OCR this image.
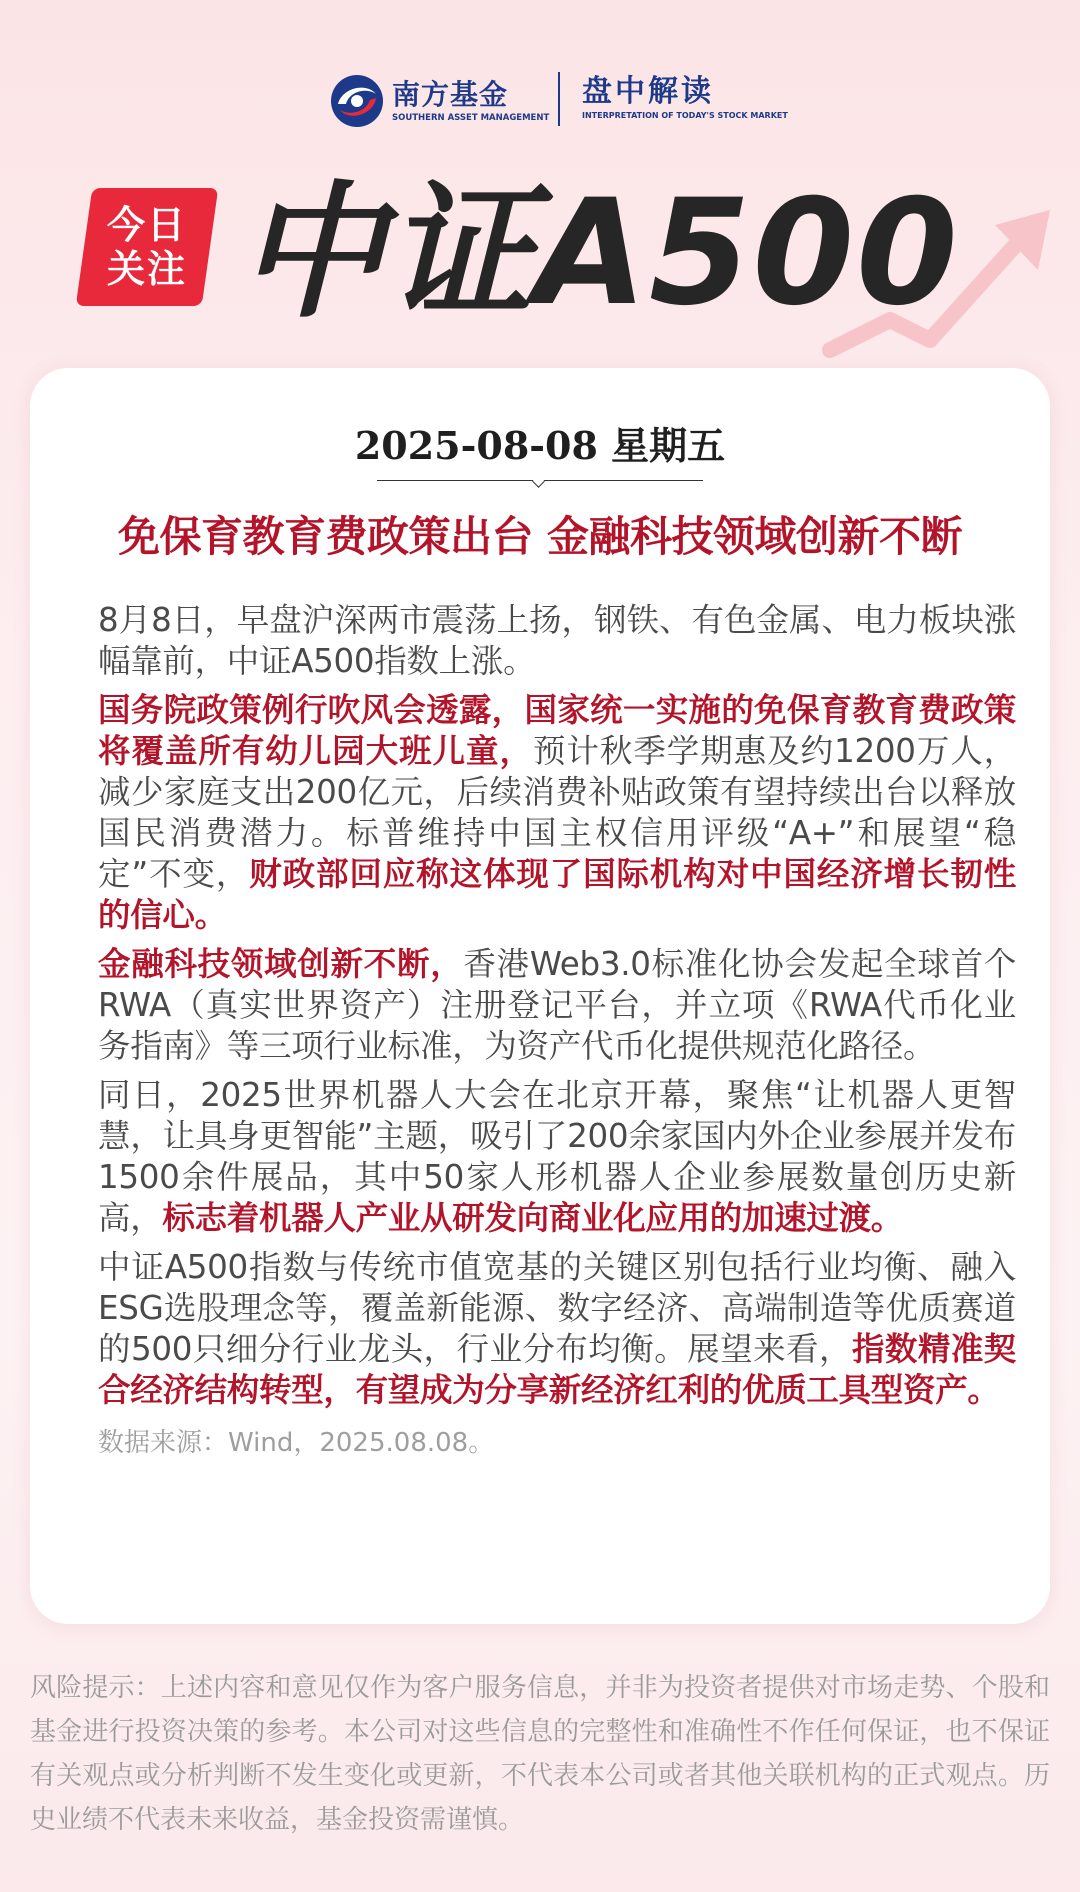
南方基金
SOUTHERN ASSET MANAGEMENT
盘中解读
INTERPRETATION OF TODAY'S STOCK MARKET
今日
关注 中证A500
2025-08-08 星期五
免保育教育费政策出台 金融科技领域创新不断

8月8日，早盘沪深两市震荡上扬，钢铁、有色金属、电力板块涨幅靠前，中证A500指数上涨。

国务院政策例行吹风会透露，国家统一实施的免保育教育费政策将覆盖所有幼儿园大班儿童，预计秋季学期惠及约1200万人，减少家庭支出200亿元，后续消费补贴政策有望持续出台以释放国民消费潜力。标普维持中国主权信用评级“A+”和展望“稳定”不变，财政部回应称这体现了国际机构对中国经济增长韧性的信心。

金融科技领域创新不断，香港Web3.0标准化协会发起全球首个RWA（真实世界资产）注册登记平台，并立项《RWA代币化业务指南》等三项行业标准，为资产代币化提供规范化路径。

同日，2025世界机器人大会在北京开幕，聚焦“让机器人更智慧，让具身更智能”主题，吸引了200余家国内外企业参展并发布1500余件展品，其中50家人形机器人企业参展数量创历史新高，标志着机器人产业从研发向商业化应用的加速过渡。

中证A500指数与传统市值宽基的关键区别包括行业均衡、融入ESG选股理念等，覆盖新能源、数字经济、高端制造等优质赛道的500只细分行业龙头，行业分布均衡。展望来看，指数精准契合经济结构转型，有望成为分享新经济红利的优质工具型资产。

数据来源：Wind，2025.08.08。
风险提示：上述内容和意见仅作为客户服务信息，并非为投资者提供对市场走势、个股和基金进行投资决策的参考。本公司对这些信息的完整性和准确性不作任何保证，也不保证有关观点或分析判断不发生变化或更新，不代表本公司或者其他关联机构的正式观点。历史业绩不代表未来收益，基金投资需谨慎。
